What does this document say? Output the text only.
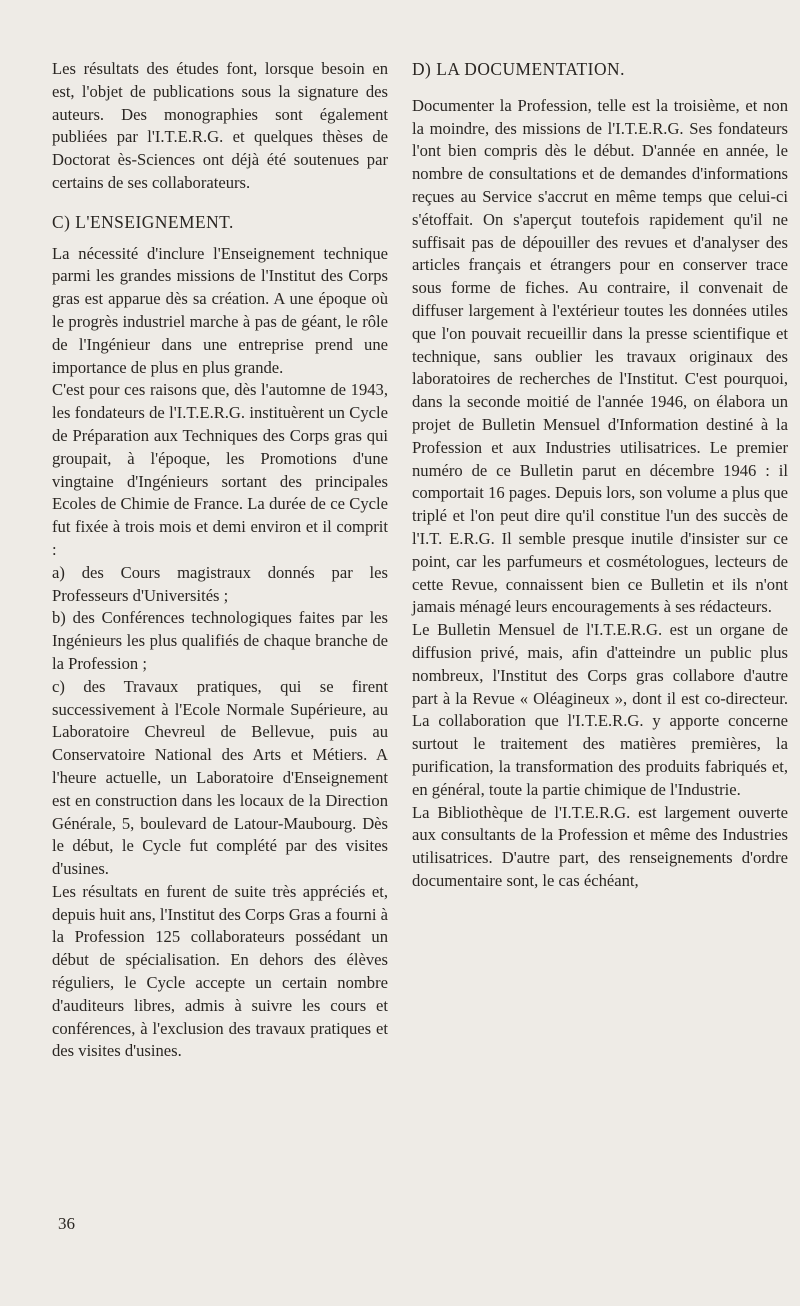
Les résultats des études font, lorsque besoin en est, l'objet de publications sous la signature des auteurs. Des monographies sont également publiées par l'I.T.E.R.G. et quelques thèses de Doctorat ès-Sciences ont déjà été soutenues par certains de ses collaborateurs.

C) L'ENSEIGNEMENT.

La nécessité d'inclure l'Enseignement technique parmi les grandes missions de l'Institut des Corps gras est apparue dès sa création. A une époque où le progrès industriel marche à pas de géant, le rôle de l'Ingénieur dans une entreprise prend une importance de plus en plus grande.

C'est pour ces raisons que, dès l'automne de 1943, les fondateurs de l'I.T.E.R.G. instituèrent un Cycle de Préparation aux Techniques des Corps gras qui groupait, à l'époque, les Promotions d'une vingtaine d'Ingénieurs sortant des principales Ecoles de Chimie de France. La durée de ce Cycle fut fixée à trois mois et demi environ et il comprit :

a) des Cours magistraux donnés par les Professeurs d'Universités ;

b) des Conférences technologiques faites par les Ingénieurs les plus qualifiés de chaque branche de la Profession ;

c) des Travaux pratiques, qui se firent successivement à l'Ecole Normale Supérieure, au Laboratoire Chevreul de Bellevue, puis au Conservatoire National des Arts et Métiers. A l'heure actuelle, un Laboratoire d'Enseignement est en construction dans les locaux de la Direction Générale, 5, boulevard de Latour-Maubourg. Dès le début, le Cycle fut complété par des visites d'usines.

Les résultats en furent de suite très appréciés et, depuis huit ans, l'Institut des Corps Gras a fourni à la Profession 125 collaborateurs possédant un début de spécialisation. En dehors des élèves réguliers, le Cycle accepte un certain nombre d'auditeurs libres, admis à suivre les cours et conférences, à l'exclusion des travaux pratiques et des visites d'usines.

D) LA DOCUMENTATION.

Documenter la Profession, telle est la troisième, et non la moindre, des missions de l'I.T.E.R.G. Ses fondateurs l'ont bien compris dès le début. D'année en année, le nombre de consultations et de demandes d'informations reçues au Service s'accrut en même temps que celui-ci s'étoffait. On s'aperçut toutefois rapidement qu'il ne suffisait pas de dépouiller des revues et d'analyser des articles français et étrangers pour en conserver trace sous forme de fiches. Au contraire, il convenait de diffuser largement à l'extérieur toutes les données utiles que l'on pouvait recueillir dans la presse scientifique et technique, sans oublier les travaux originaux des laboratoires de recherches de l'Institut. C'est pourquoi, dans la seconde moitié de l'année 1946, on élabora un projet de Bulletin Mensuel d'Information destiné à la Profession et aux Industries utilisatrices. Le premier numéro de ce Bulletin parut en décembre 1946 : il comportait 16 pages. Depuis lors, son volume a plus que triplé et l'on peut dire qu'il constitue l'un des succès de l'I.T. E.R.G. Il semble presque inutile d'insister sur ce point, car les parfumeurs et cosmétologues, lecteurs de cette Revue, connaissent bien ce Bulletin et ils n'ont jamais ménagé leurs encouragements à ses rédacteurs.

Le Bulletin Mensuel de l'I.T.E.R.G. est un organe de diffusion privé, mais, afin d'atteindre un public plus nombreux, l'Institut des Corps gras collabore d'autre part à la Revue « Oléagineux », dont il est co-directeur. La collaboration que l'I.T.E.R.G. y apporte concerne surtout le traitement des matières premières, la purification, la transformation des produits fabriqués et, en général, toute la partie chimique de l'Industrie.

La Bibliothèque de l'I.T.E.R.G. est largement ouverte aux consultants de la Profession et même des Industries utilisatrices. D'autre part, des renseignements d'ordre documentaire sont, le cas échéant,

36
